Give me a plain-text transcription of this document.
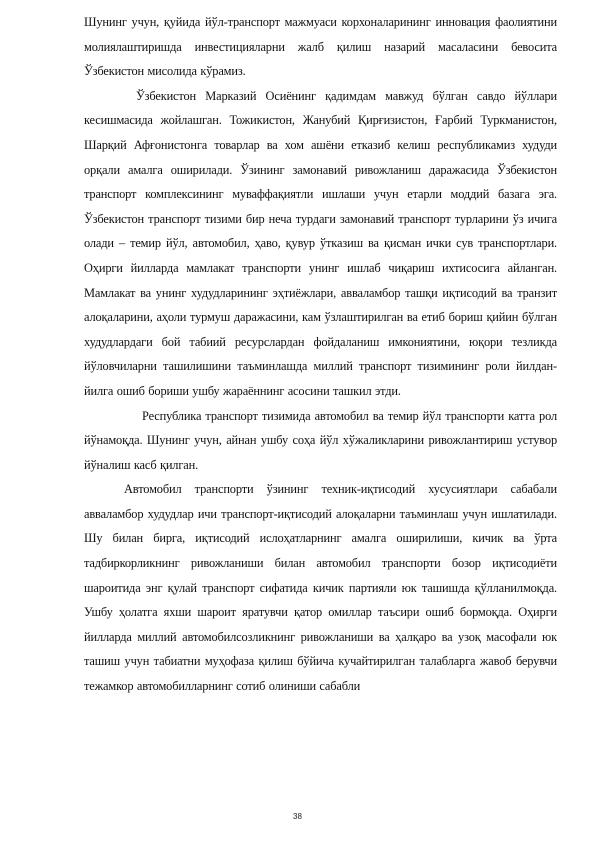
Шунинг учун, қуйида йўл-транспорт мажмуаси корхоналарининг инновация фаолиятини молиялаштиришда инвестицияларни жалб қилиш назарий масаласини бевосита Ўзбекистон мисолида кўрамиз.

Ўзбекистон Марказий Осиёнинг қадимдам мавжуд бўлган савдо йўллари кесишмасида жойлашган. Тожикистон, Жанубий Қирғизистон, Ғарбий Туркманистон, Шарқий Афғонистонга товарлар ва хом ашёни етказиб келиш республикамиз худуди орқали амалга оширилади. Ўзининг замонавий ривожланиш даражасида Ўзбекистон транспорт комплексининг муваффақиятли ишлаши учун етарли моддий базага эга. Ўзбекистон транспорт тизими бир неча турдаги замонавий транспорт турларини ўз ичига олади – темир йўл, автомобил, ҳаво, қувур ўтказиш ва қисман ички сув транспортлари. Оҳирги йилларда мамлакат транспорти унинг ишлаб чиқариш ихтисосига айланган. Мамлакат ва унинг худудларининг эҳтиёжлари, авваламбор ташқи иқтисодий ва транзит алоқаларини, аҳоли турмуш даражасини, кам ўзлаштирилган ва етиб бориш қийин бўлган худудлардаги бой табиий ресурслардан фойдаланиш имкониятини, юқори тезликда йўловчиларни ташилишини таъминлашда миллий транспорт тизимининг роли йилдан-йилга ошиб бориши ушбу жараённинг асосини ташкил этди.

Республика транспорт тизимида автомобил ва темир йўл транспорти катта рол йўнамоқда. Шунинг учун, айнан ушбу соҳа йўл хўжаликларини ривожлантириш устувор йўналиш касб қилган.

Автомобил транспорти ўзининг техник-иқтисодий хусусиятлари сабабали авваламбор худудлар ичи транспорт-иқтисодий алоқаларни таъминлаш учун ишлатилади. Шу билан бирга, иқтисодий ислоҳатларнинг амалга оширилиши, кичик ва ўрта тадбиркорликнинг ривожланиши билан автомобил транспорти бозор иқтисодиёти шароитида энг қулай транспорт сифатида кичик партияли юк ташишда қўлланилмоқда. Ушбу ҳолатга яхши шароит яратувчи қатор омиллар таъсири ошиб бормоқда. Оҳирги йилларда миллий автомобилсозликнинг ривожланиши ва ҳалқаро ва узоқ масофали юк ташиш учун табиатни муҳофаза қилиш бўйича кучайтирилган талабларга жавоб берувчи тежамкор автомобилларнинг сотиб олиниши сабабли

38
